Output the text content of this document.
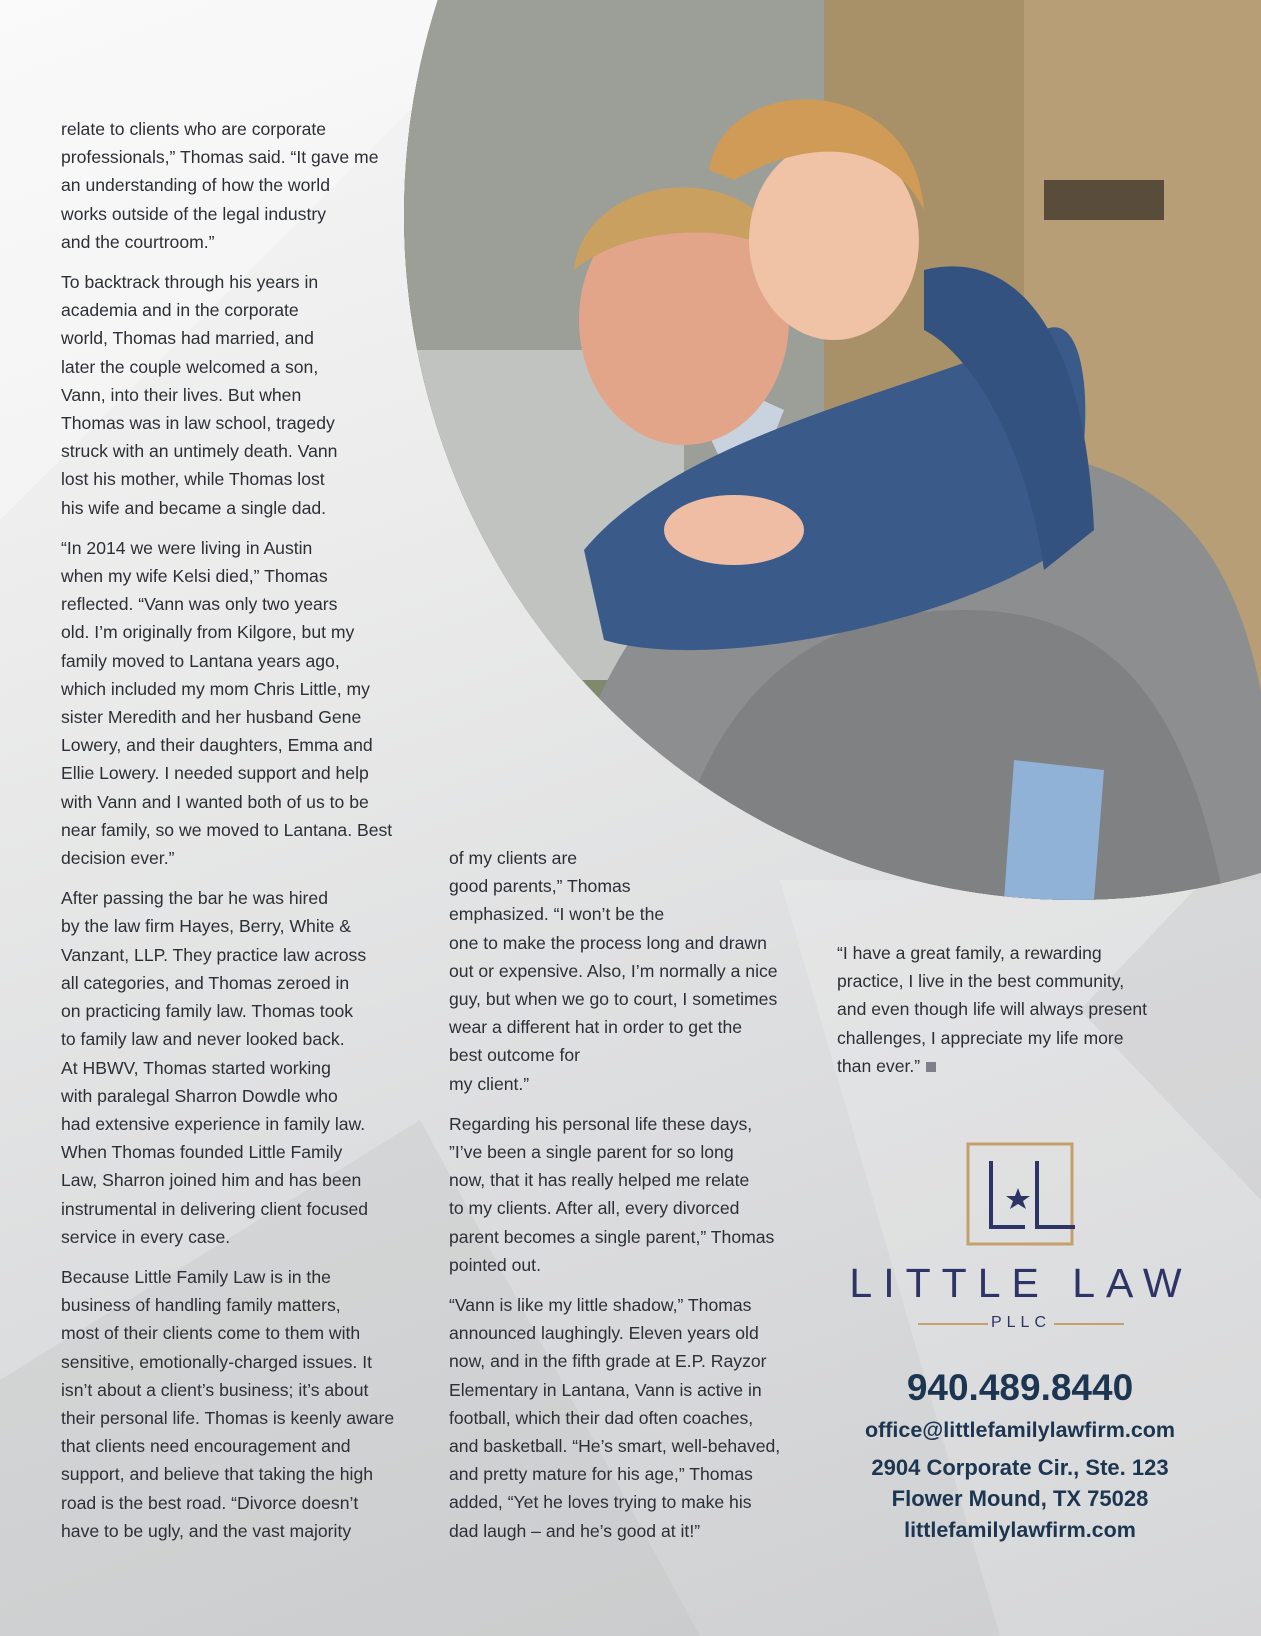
relate to clients who are corporate
professionals,” Thomas said. “It gave me
an understanding of how the world
works outside of the legal industry
and the courtroom.”

To backtrack through his years in
academia and in the corporate
world, Thomas had married, and
later the couple welcomed a son,
Vann, into their lives. But when
Thomas was in law school, tragedy
struck with an untimely death. Vann
lost his mother, while Thomas lost
his wife and became a single dad.

“In 2014 we were living in Austin
when my wife Kelsi died,” Thomas
reflected. “Vann was only two years
old. I’m originally from Kilgore, but my
family moved to Lantana years ago,
which included my mom Chris Little, my
sister Meredith and her husband Gene
Lowery, and their daughters, Emma and
Ellie Lowery. I needed support and help
with Vann and I wanted both of us to be
near family, so we moved to Lantana. Best
decision ever.”

After passing the bar he was hired
by the law firm Hayes, Berry, White &
Vanzant, LLP. They practice law across
all categories, and Thomas zeroed in
on practicing family law. Thomas took
to family law and never looked back.
At HBWV, Thomas started working
with paralegal Sharron Dowdle who
had extensive experience in family law.
When Thomas founded Little Family
Law, Sharron joined him and has been
instrumental in delivering client focused
service in every case.

Because Little Family Law is in the
business of handling family matters,
most of their clients come to them with
sensitive, emotionally-charged issues. It
isn’t about a client’s business; it’s about
their personal life. Thomas is keenly aware
that clients need encouragement and
support, and believe that taking the high
road is the best road. “Divorce doesn’t
have to be ugly, and the vast majority

of my clients are
good parents,” Thomas
emphasized. “I won’t be the
one to make the process long and drawn
out or expensive. Also, I’m normally a nice
guy, but when we go to court, I sometimes
wear a different hat in order to get the
best outcome for
my client.”

Regarding his personal life these days,
”I’ve been a single parent for so long
now, that it has really helped me relate
to my clients. After all, every divorced
parent becomes a single parent,” Thomas
pointed out.

“Vann is like my little shadow,” Thomas
announced laughingly. Eleven years old
now, and in the fifth grade at E.P. Rayzor
Elementary in Lantana, Vann is active in
football, which their dad often coaches,
and basketball. “He’s smart, well-behaved,
and pretty mature for his age,” Thomas
added, “Yet he loves trying to make his
dad laugh – and he’s good at it!”

“I have a great family, a rewarding
practice, I live in the best community,
and even though life will always present
challenges, I appreciate my life more
than ever.”

LITTLE LAW
PLLC
940.489.8440
office@littlefamilylawfirm.com
2904 Corporate Cir., Ste. 123
Flower Mound, TX 75028
littlefamilylawfirm.com
